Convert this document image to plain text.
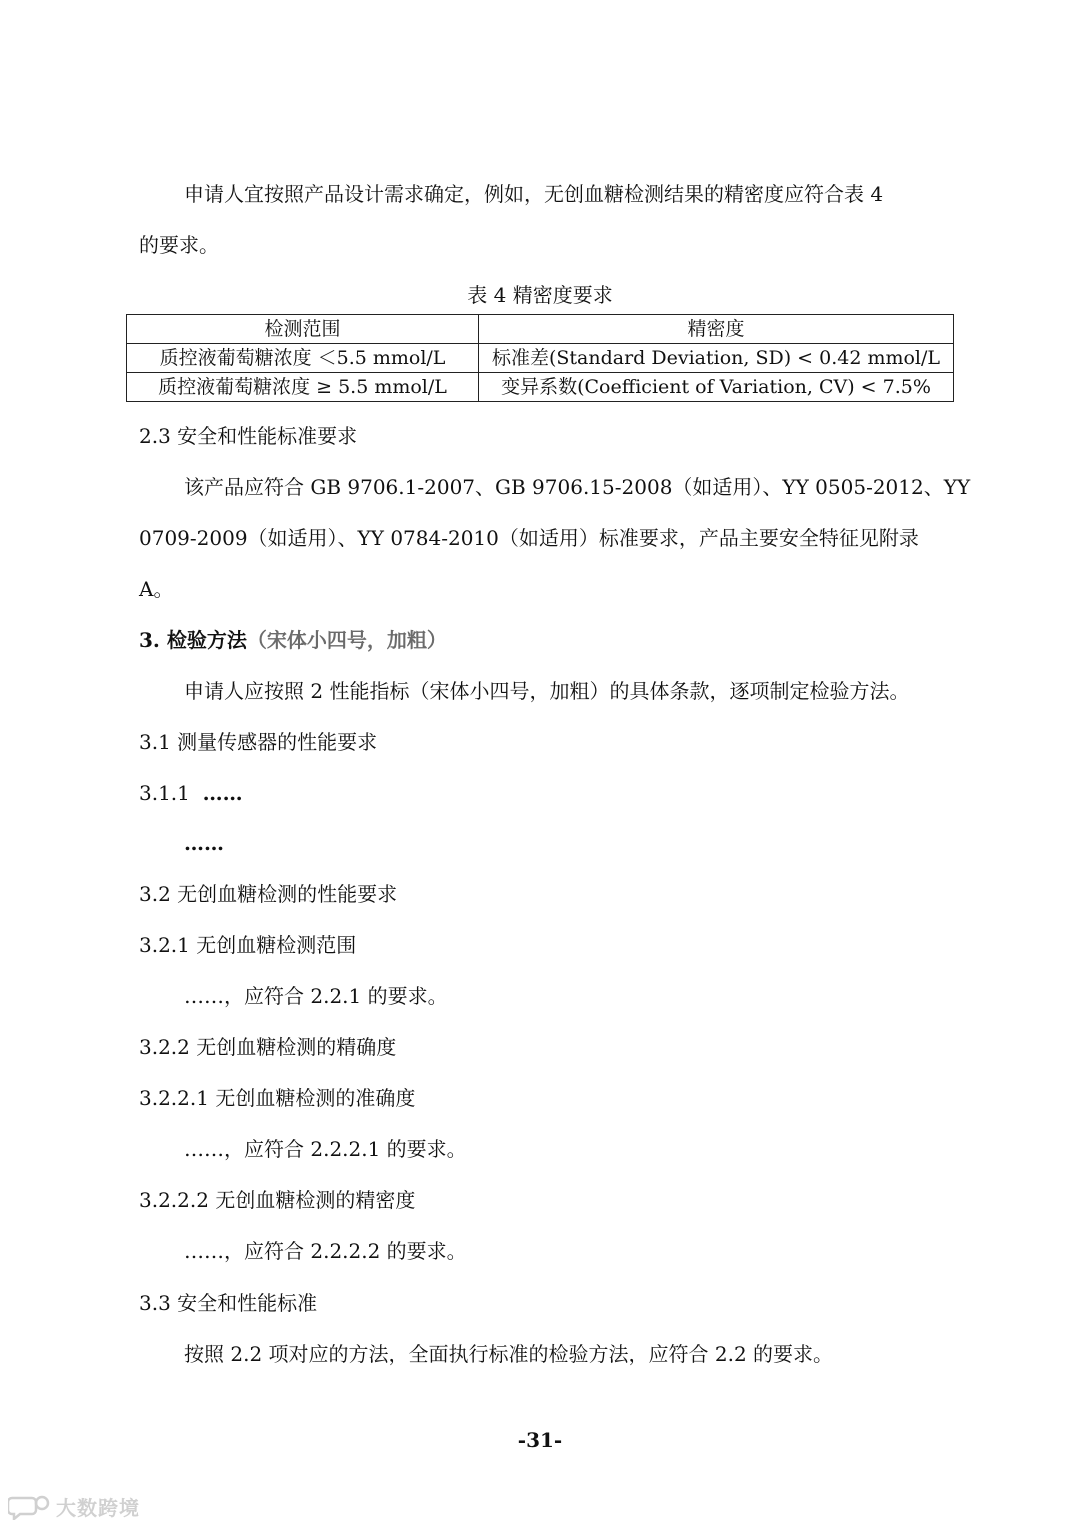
申请人宜按照产品设计需求确定，例如，无创血糖检测结果的精密度应符合表 4
的要求。
表 4 精密度要求
检测范围	精密度
质控液葡萄糖浓度 ＜5.5 mmol/L	标准差(Standard Deviation, SD) < 0.42 mmol/L
质控液葡萄糖浓度 ≥ 5.5 mmol/L	变异系数(Coefficient of Variation, CV) < 7.5%
2.3 安全和性能标准要求
该产品应符合 GB 9706.1-2007、GB 9706.15-2008（如适用）、YY 0505-2012、YY
0709-2009（如适用）、YY 0784-2010（如适用）标准要求，产品主要安全特征见附录
A。
3. 检验方法（宋体小四号，加粗）
申请人应按照 2 性能指标（宋体小四号，加粗）的具体条款，逐项制定检验方法。
3.1 测量传感器的性能要求
3.1.1 ……
……
3.2 无创血糖检测的性能要求
3.2.1 无创血糖检测范围
……，应符合 2.2.1 的要求。
3.2.2 无创血糖检测的精确度
3.2.2.1 无创血糖检测的准确度
……，应符合 2.2.2.1 的要求。
3.2.2.2 无创血糖检测的精密度
……，应符合 2.2.2.2 的要求。
3.3 安全和性能标准
按照 2.2 项对应的方法，全面执行标准的检验方法，应符合 2.2 的要求。
-31-
大数跨境
